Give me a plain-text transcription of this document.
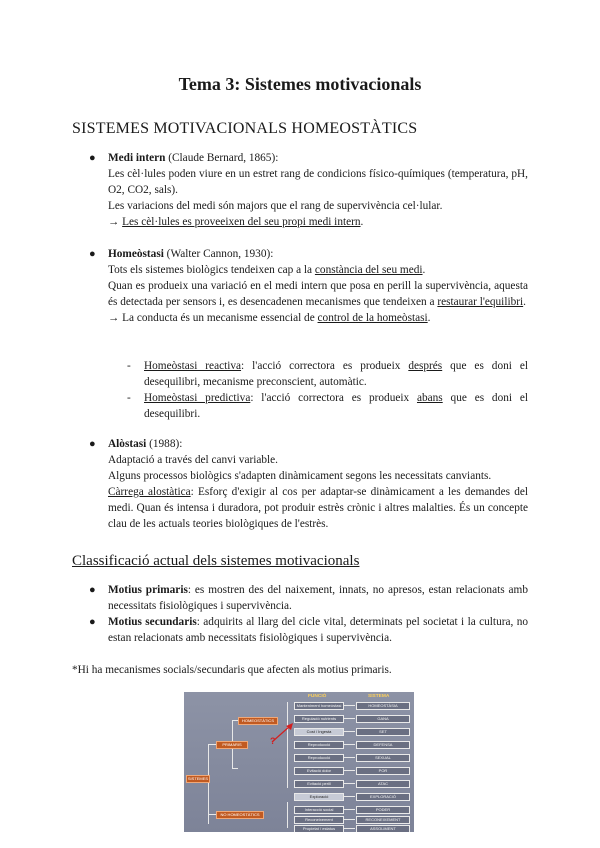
Tema 3: Sistemes motivacionals
SISTEMES MOTIVACIONALS HOMEOSTÀTICS
● Medi intern (Claude Bernard, 1865):
Les cèl·lules poden viure en un estret rang de condicions físico-químiques (temperatura, pH, O2, CO2, sals).
Les variacions del medi són majors que el rang de supervivència cel·lular.
→ Les cèl·lules es proveeixen del seu propi medi intern.
● Homeòstasi (Walter Cannon, 1930):
Tots els sistemes biològics tendeixen cap a la constància del seu medi.
Quan es produeix una variació en el medi intern que posa en perill la supervivència, aquesta és detectada per sensors i, es desencadenen mecanismes que tendeixen a restaurar l'equilibri.
→ La conducta és un mecanisme essencial de control de la homeòstasi.
- Homeòstasi reactiva: l'acció correctora es produeix després que es doni el desequilibri, mecanisme preconscient, automàtic.
- Homeòstasi predictiva: l'acció correctora es produeix abans que es doni el desequilibri.
● Alòstasi (1988):
Adaptació a través del canvi variable.
Alguns processos biològics s'adapten dinàmicament segons les necessitats canviants.
Càrrega alostàtica: Esforç d'exigir al cos per adaptar-se dinàmicament a les demandes del medi. Quan és intensa i duradora, pot produir estrès crònic i altres malalties. És un concepte clau de les actuals teories biològiques de l'estrès.
Classificació actual dels sistemes motivacionals
● Motius primaris: es mostren des del naixement, innats, no apresos, estan relacionats amb necessitats fisiològiques i supervivència.
● Motius secundaris: adquirits al llarg del cicle vital, determinats pel societat i la cultura, no estan relacionats amb necessitats fisiològiques i supervivència.
*Hi ha mecanismes socials/secundaris que afecten als motius primaris.
FUNCIÓ	SISTEMA
SISTEMES
PRIMARIS
HOMEOSTÀTICS
NO HOMEOSTÀTICS
Manteniment homeòstasi
Regulació nutrients
Cost / Ingesta
Reproducció
Reproducció
Evitació dolor
Evitació perill
Exploració
Interacció social
Reconeixement
Propietat / estatus
HOMEOSTÀSIA
GANA
SET
DEFENSA
SEXUAL
POR
ATAC
EXPLORACIÓ
PODER
RECONEIXEMENT
ASSOLIMENT
?
